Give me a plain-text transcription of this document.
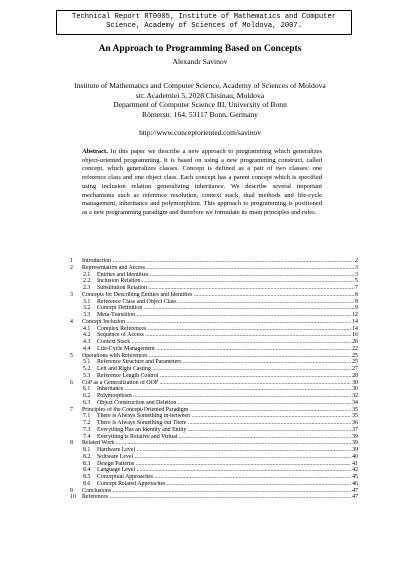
Technical Report RT0005, Institute of Mathematics and Computer
Science, Academy of Sciences of Moldova, 2007.
An Approach to Programming Based on Concepts
Alexandr Savinov
Institute of Mathematics and Computer Science, Academy of Sciences of Moldova
str. Academiei 5, 2028 Chisinau, Moldova
Department of Computer Science III, University of Bonn
Römerstr. 164, 53117 Bonn, Germany
http://www.conceptoriented.com/savinov
Abstract. In this paper we describe a new approach to programming which generalizes object-oriented programming. It is based on using a new programming construct, called concept, which generalizes classes. Concept is defined as a pair of two classes: one reference class and one object class. Each concept has a parent concept which is specified using inclusion relation generalizing inheritance. We describe several important mechanisms such as reference resolution, context stack, dual methods and life-cycle management, inheritance and polymorphism. This approach to programming is positioned as a new programming paradigm and therefore we formulate its main principles and rules.
1 Introduction .....	2
2 Representation and Access .....	3
2.1 Entities and Identities .....	3
2.2 Inclusion Relation .....	5
2.3 Substitution Relation .....	7
3 Concepts for Describing Entities and Identities .....	8
3.1 Reference Class and Object Class .....	8
3.2 Concept Definition .....	9
3.3 Meta-Transition .....	12
4 Concept Inclusion .....	14
4.1 Complex References .....	14
4.2 Sequence of Access .....	16
4.3 Context Stack .....	20
4.4 Life-Cycle Management .....	22
5 Operations with References .....	25
5.1 Reference Structure and Parameters .....	25
5.2 Left and Right Casting .....	27
5.3 Reference Length Control .....	28
6 CoP as a Generalization of OOP .....	30
6.1 Inheritance .....	30
6.2 Polymorphism .....	32
6.3 Object Construction and Deletion .....	34
7 Principles of the Concept-Oriented Paradigm .....	35
7.1 There is Always Something in-between .....	35
7.2 There is Always Something out There .....	36
7.3 Everything Has an Identity and Entity .....	37
7.4 Everything is Relative and Virtual .....	39
8 Related Work .....	39
8.1 Hardware Level .....	39
8.2 Software Level .....	40
8.3 Design Patterns .....	41
8.4 Language Level .....	42
8.5 Conceptual Approaches .....	45
8.6 Concept Related Approaches .....	46
9 Conclusions .....	47
10 References .....	47
